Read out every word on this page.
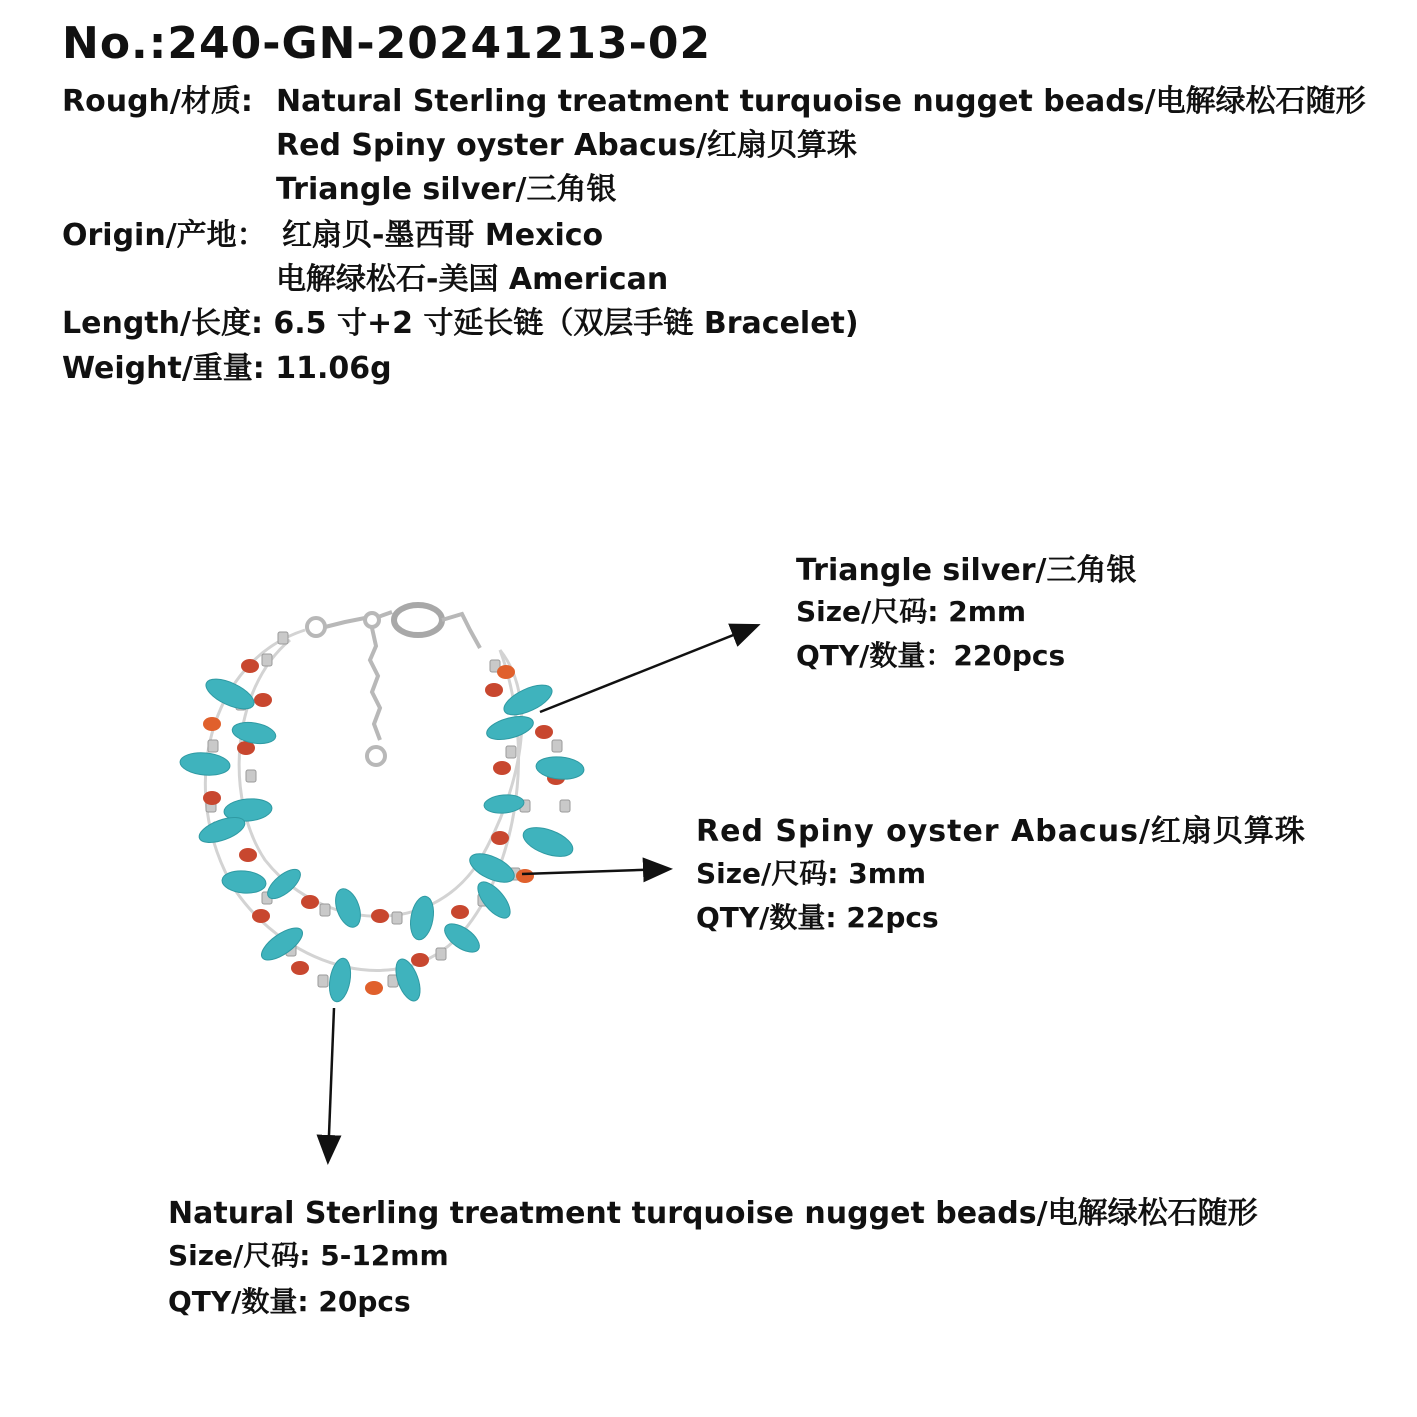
No.:240-GN-20241213-02
Rough/材质: Natural Sterling treatment turquoise nugget beads/电解绿松石随形
Red Spiny oyster Abacus/红扇贝算珠
Triangle silver/三角银
Origin/产地： 红扇贝-墨西哥 Mexico
电解绿松石-美国 American
Length/长度: 6.5 寸+2 寸延长链（双层手链 Bracelet)
Weight/重量: 11.06g
Triangle silver/三角银
Size/尺码: 2mm
QTY/数量：220pcs
Red Spiny oyster Abacus/红扇贝算珠
Size/尺码: 3mm
QTY/数量: 22pcs
Natural Sterling treatment turquoise nugget beads/电解绿松石随形
Size/尺码: 5-12mm
QTY/数量: 20pcs
